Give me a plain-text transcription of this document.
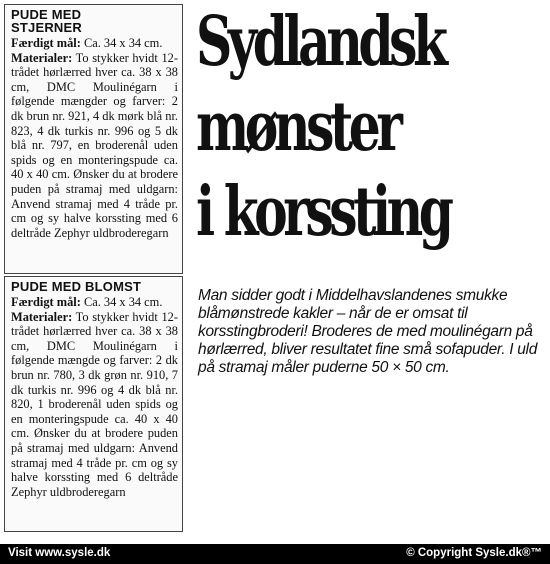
PUDE MED
STJERNER

Færdigt mål: Ca. 34 x 34 cm.

Materialer: To stykker hvidt 12-trådet hørlærred hver ca. 38 x 38 cm, DMC Moulinégarn i følgende mængder og farver: 2 dk brun nr. 921, 4 dk mørk blå nr. 823, 4 dk turkis nr. 996 og 5 dk blå nr. 797, en broderenål uden spids og en monteringspude ca. 40 x 40 cm. Ønsker du at brodere puden på stramaj med uldgarn: Anvend stramaj med 4 tråde pr. cm og sy halve korssting med 6 deltråde Zephyr uldbroderegarn

PUDE MED BLOMST

Færdigt mål: Ca. 34 x 34 cm.

Materialer: To stykker hvidt 12-trådet hørlærred hver ca. 38 x 38 cm, DMC Moulinégarn i følgende mængde og farver: 2 dk brun nr. 780, 3 dk grøn nr. 910, 7 dk turkis nr. 996 og 4 dk blå nr. 820, 1 broderenål uden spids og en monteringspude ca. 40 x 40 cm. Ønsker du at brodere puden på stramaj med uldgarn: Anvend stramaj med 4 tråde pr. cm og sy halve korssting med 6 deltråde Zephyr uldbroderegarn

Sydlandsk
mønster
i korssting
Man sidder godt i Middelhavslandenes smukke blåmønstrede kakler – når de er omsat til korsstingbroderi! Broderes de med moulinégarn på hørlærred, bliver resultatet fine små sofapuder. I uld på stramaj måler puderne 50 × 50 cm.
Visit www.sysle.dk	© Copyright Sysle.dk®™
